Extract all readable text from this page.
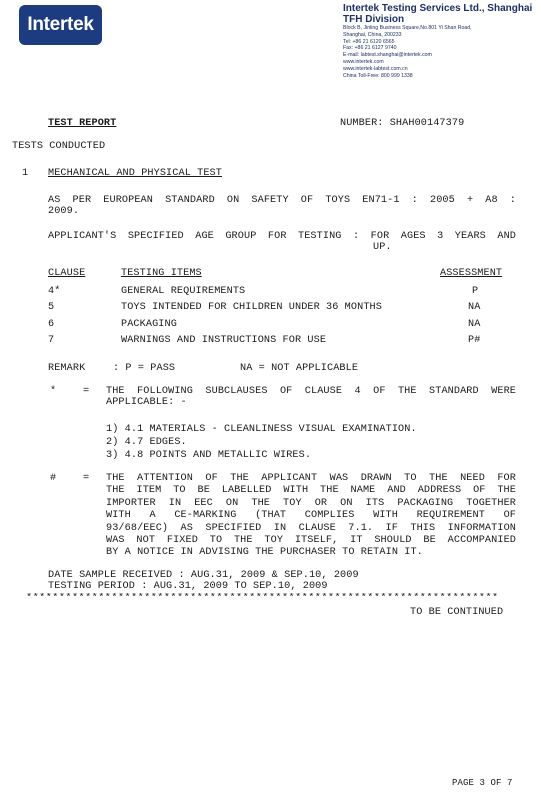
Intertek
Intertek Testing Services Ltd., Shanghai
TFH Division
Block B, Jinling Business Square,No.801 Yi Shan Road,
Shanghai, China, 200233
Tel: +86 21 6120 6565
Fax: +86 21 6127 9740
E-mail: labtest.shanghai@intertek.com
www.intertek.com
www.intertek-labtest.com.cn
China Toll-Free: 800 999 1338
TEST REPORT	NUMBER: SHAH00147379
TESTS CONDUCTED
1 MECHANICAL AND PHYSICAL TEST
AS PER EUROPEAN STANDARD ON SAFETY OF TOYS EN71-1 : 2005 + A8 :
2009.
APPLICANT'S SPECIFIED AGE GROUP FOR TESTING : FOR AGES 3 YEARS AND
UP.
CLAUSE	TESTING ITEMS	ASSESSMENT
4*	GENERAL REQUIREMENTS	P
5	TOYS INTENDED FOR CHILDREN UNDER 36 MONTHS	NA
6	PACKAGING	NA
7	WARNINGS AND INSTRUCTIONS FOR USE	P#
REMARK	: P = PASS	NA = NOT APPLICABLE
*	= THE FOLLOWING SUBCLAUSES OF CLAUSE 4 OF THE STANDARD WERE
APPLICABLE: -
1) 4.1 MATERIALS - CLEANLINESS VISUAL EXAMINATION.
2) 4.7 EDGES.
3) 4.8 POINTS AND METALLIC WIRES.
#	= THE ATTENTION OF THE APPLICANT WAS DRAWN TO THE NEED FOR
THE ITEM TO BE LABELLED WITH THE NAME AND ADDRESS OF THE
IMPORTER IN EEC ON THE TOY OR ON ITS PACKAGING TOGETHER
WITH A CE-MARKING (THAT COMPLIES WITH REQUIREMENT OF
93/68/EEC) AS SPECIFIED IN CLAUSE 7.1. IF THIS INFORMATION
WAS NOT FIXED TO THE TOY ITSELF, IT SHOULD BE ACCOMPANIED
BY A NOTICE IN ADVISING THE PURCHASER TO RETAIN IT.
DATE SAMPLE RECEIVED : AUG.31, 2009 & SEP.10, 2009
TESTING PERIOD : AUG.31, 2009 TO SEP.10, 2009
************************************************************************
TO BE CONTINUED
PAGE 3 OF 7
